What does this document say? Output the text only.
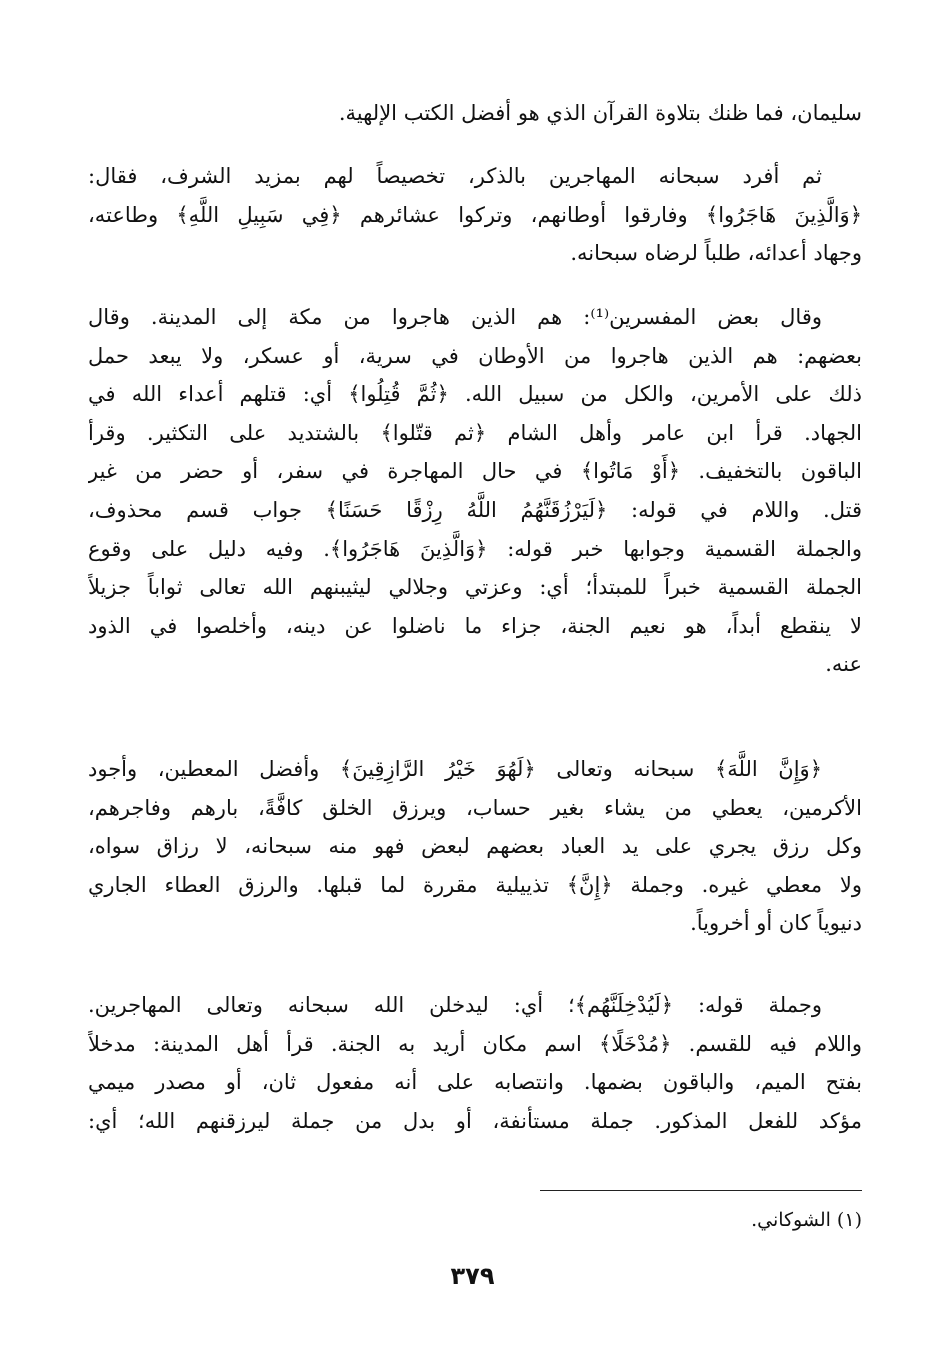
سليمان، فما ظنك بتلاوة القرآن الذي هو أفضل الكتب الإلهية.
ثم أفرد سبحانه المهاجرين بالذكر، تخصيصاً لهم بمزيد الشرف، فقال:
﴿وَالَّذِينَ هَاجَرُوا﴾ وفارقوا أوطانهم، وتركوا عشائرهم ﴿فِي سَبِيلِ اللَّهِ﴾ وطاعته،
وجهاد أعدائه، طلباً لرضاه سبحانه.
وقال بعض المفسرين⁽¹⁾: هم الذين هاجروا من مكة إلى المدينة. وقال
بعضهم: هم الذين هاجروا من الأوطان في سرية، أو عسكر، ولا يبعد حمل
ذلك على الأمرين، والكل من سبيل الله. ﴿ثُمَّ قُتِلُوا﴾ أي: قتلهم أعداء الله في
الجهاد. قرأ ابن عامر وأهل الشام ﴿ثم قتّلوا﴾ بالشتديد على التكثير. وقرأ
الباقون بالتخفيف. ﴿أَوْ مَاتُوا﴾ في حال المهاجرة في سفر، أو حضر من غير
قتل. واللام في قوله: ﴿لَيَرْزُقَنَّهُمُ اللَّهُ رِزْقًا حَسَنًا﴾ جواب قسم محذوف،
والجملة القسمية وجوابها خبر قوله: ﴿وَالَّذِينَ هَاجَرُوا﴾. وفيه دليل على وقوع
الجملة القسمية خبراً للمبتدأ؛ أي: وعزتي وجلالي ليثيبنهم الله تعالى ثواباً جزيلاً
لا ينقطع أبداً، هو نعيم الجنة، جزاء ما ناضلوا عن دينه، وأخلصوا في الذود
عنه.
﴿وَإِنَّ اللَّهَ﴾ سبحانه وتعالى ﴿لَهُوَ خَيْرُ الرَّازِقِينَ﴾ وأفضل المعطين، وأجود
الأكرمين، يعطي من يشاء بغير حساب، ويرزق الخلق كافَّةً، بارهم وفاجرهم،
وكل رزق يجري على يد العباد بعضهم لبعض فهو منه سبحانه، لا رزاق سواه،
ولا معطي غيره. وجملة ﴿إِنَّ﴾ تذييلية مقررة لما قبلها. والرزق العطاء الجاري
دنيوياً كان أو أخروياً.
وجملة قوله: ﴿لَيُدْخِلَنَّهُم﴾؛ أي: ليدخلن الله سبحانه وتعالى المهاجرين.
واللام فيه للقسم. ﴿مُدْخَلًا﴾ اسم مكان أريد به الجنة. قرأ أهل المدينة: مدخلاً
بفتح الميم، والباقون بضمها. وانتصابه على أنه مفعول ثان، أو مصدر ميمي
مؤكد للفعل المذكور. جملة مستأنفة، أو بدل من جملة ليرزقنهم الله؛ أي:
(١) الشوكاني.
٣٧٩
